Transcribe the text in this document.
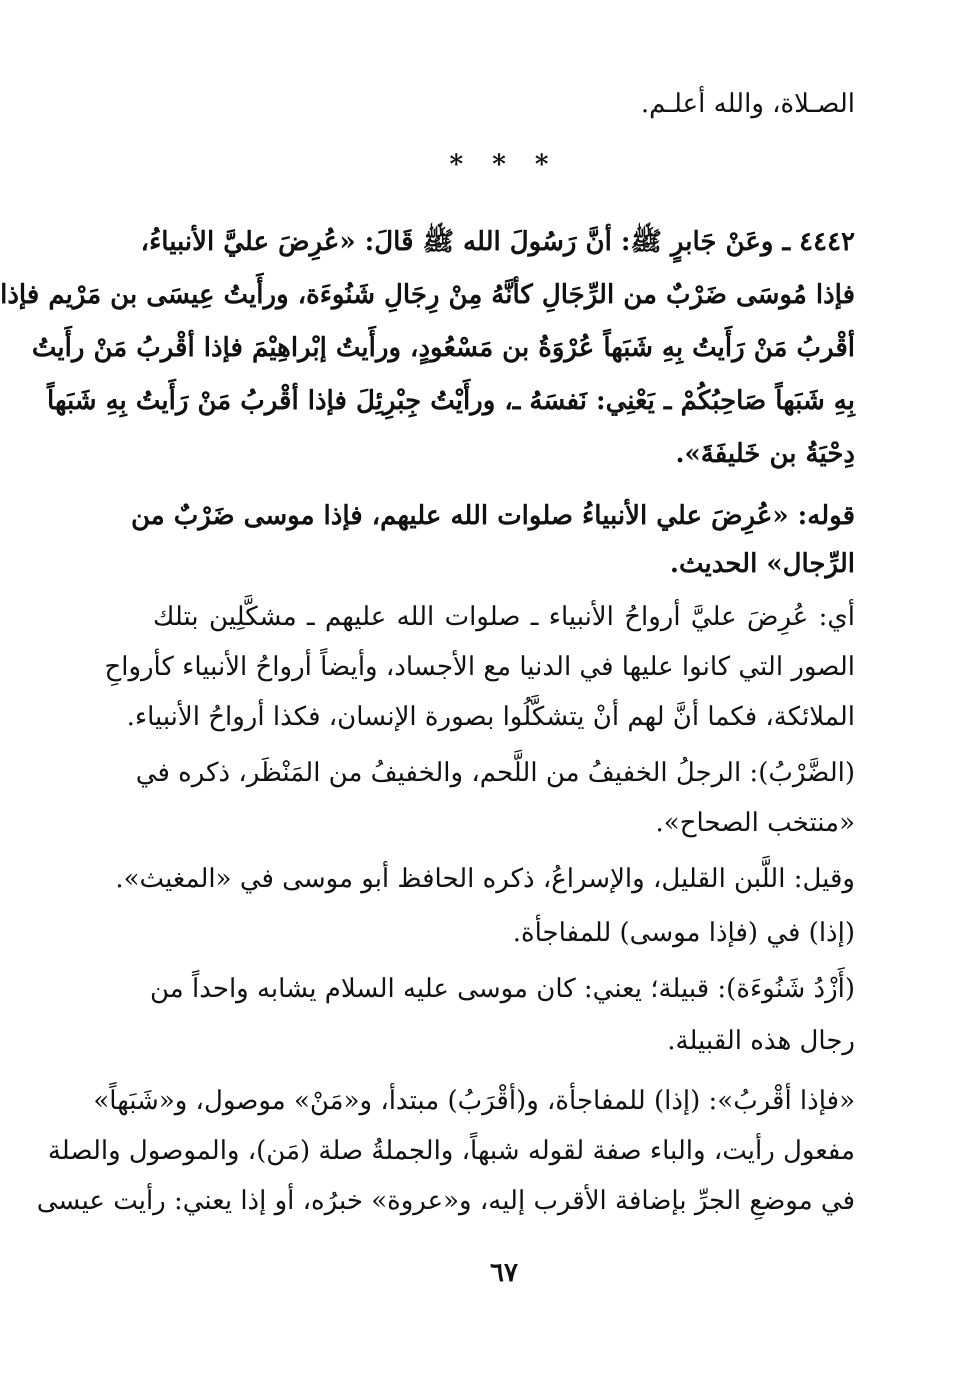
الصـلاة، والله أعلـم.
* * *
٤٤٤٢ ـ وعَنْ جَابرٍ ﷺ: أنَّ رَسُولَ الله ﷺ قَالَ: «عُرِضَ عليَّ الأنبياءُ،
فإذا مُوسَى ضَرْبٌ من الرِّجَالِ كأنَّهُ مِنْ رِجَالِ شَنُوءَة، ورأَيتُ عِيسَى بن مَرْيم فإذا
أقْربُ مَنْ رَأَيتُ بِهِ شَبَهاً عُرْوَةُ بن مَسْعُودٍ، ورأَيتُ إبْراهِيْمَ فإذا أقْربُ مَنْ رأَيتُ
بِهِ شَبَهاً صَاحِبُكُمْ ـ يَعْنِي: نَفسَهُ ـ، ورأَيْتُ جِبْرِئِلَ فإذا أقْربُ مَنْ رَأَيتُ بِهِ شَبَهاً
دِحْيَةُ بن خَليفَةَ».
قوله: «عُرِضَ علي الأنبياءُ صلوات الله عليهم، فإذا موسى ضَرْبٌ من
الرِّجال» الحديث.
أي: عُرِضَ عليَّ أرواحُ الأنبياء ـ صلوات الله عليهم ـ مشكَّلِين بتلك
الصور التي كانوا عليها في الدنيا مع الأجساد، وأيضاً أرواحُ الأنبياء كأرواحِ
الملائكة، فكما أنَّ لهم أنْ يتشكَّلُوا بصورة الإنسان، فكذا أرواحُ الأنبياء.
(الضَّرْبُ): الرجلُ الخفيفُ من اللَّحم، والخفيفُ من المَنْظَر، ذكره في
«منتخب الصحاح».
وقيل: اللَّبن القليل، والإسراعُ، ذكره الحافظ أبو موسى في «المغيث».
(إذا) في (فإذا موسى) للمفاجأة.
(أَزْدُ شَنُوءَة): قبيلة؛ يعني: كان موسى عليه السلام يشابه واحداً من
رجال هذه القبيلة.
«فإذا أقْربُ»: (إذا) للمفاجأة، و(أقْرَبُ) مبتدأ، و«مَنْ» موصول، و«شَبَهاً»
مفعول رأيت، والباء صفة لقوله شبهاً، والجملةُ صلة (مَن)، والموصول والصلة
في موضعِ الجرِّ بإضافة الأقرب إليه، و«عروة» خبرُه، أو إذا يعني: رأيت عيسى
٦٧
